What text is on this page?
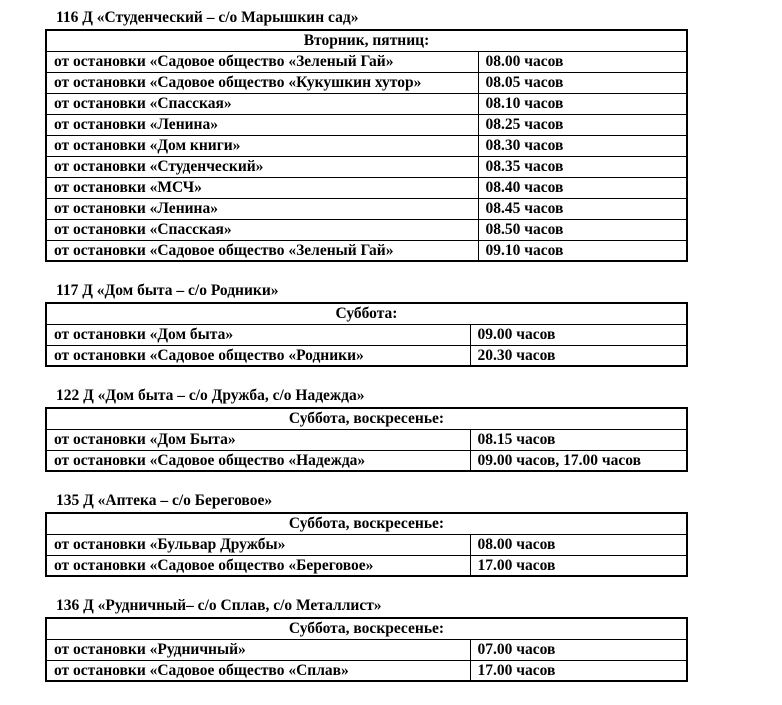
116 Д «Студенческий – с/о Марышкин сад»
Вторник, пятниц:	
от остановки «Садовое общество «Зеленый Гай»	08.00 часов
от остановки «Садовое общество «Кукушкин хутор»	08.05 часов
от остановки «Спасская»	08.10 часов
от остановки «Ленина»	08.25 часов
от остановки «Дом книги»	08.30 часов
от остановки «Студенческий»	08.35 часов
от остановки «МСЧ»	08.40 часов
от остановки «Ленина»	08.45 часов
от остановки «Спасская»	08.50 часов
от остановки «Садовое общество «Зеленый Гай»	09.10 часов
117 Д «Дом быта – с/о Родники»
Суббота:	
от остановки «Дом быта»	09.00 часов
от остановки «Садовое общество «Родники»	20.30 часов
122 Д «Дом быта – с/о Дружба, с/о Надежда»
Суббота, воскресенье:	
от остановки «Дом Быта»	08.15 часов
от остановки «Садовое общество «Надежда»	09.00 часов, 17.00 часов
135 Д «Аптека – с/о Береговое»
Суббота, воскресенье:	
от остановки «Бульвар Дружбы»	08.00 часов
от остановки «Садовое общество «Береговое»	17.00 часов
136 Д «Рудничный– с/о Сплав, с/о Металлист»
Суббота, воскресенье:	
от остановки «Рудничный»	07.00 часов
от остановки «Садовое общество «Сплав»	17.00 часов
